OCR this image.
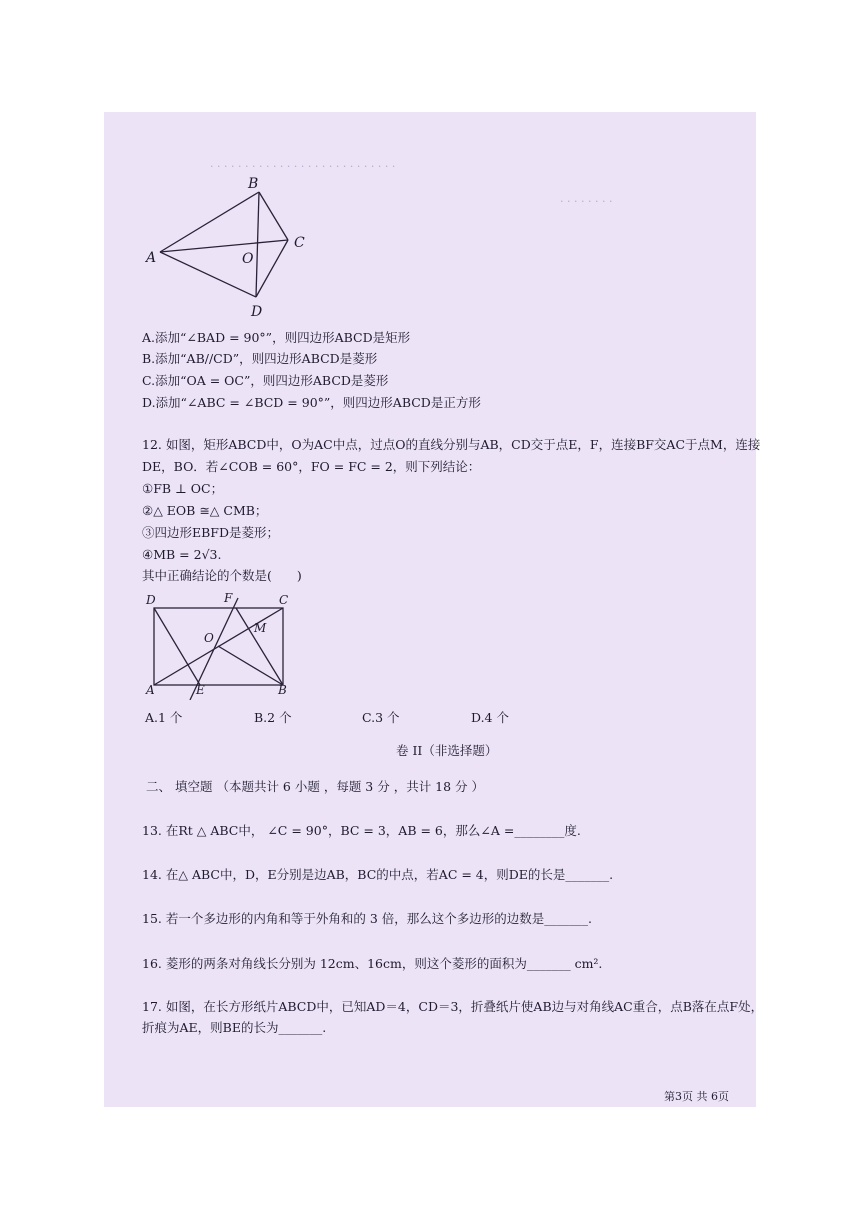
· · · · · · · · · · · · · · · · · · · · · · · · · · ·
· · · · · · · ·
A
B
C
D
O
A.添加“∠BAD = 90°”，则四边形ABCD是矩形
B.添加“AB//CD”，则四边形ABCD是菱形
C.添加“OA = OC”，则四边形ABCD是菱形
D.添加“∠ABC = ∠BCD = 90°”，则四边形ABCD是正方形
12. 如图，矩形ABCD中，O为AC中点，过点O的直线分别与AB，CD交于点E，F，连接BF交AC于点M，连接
DE，BO．若∠COB = 60°，FO = FC = 2，则下列结论：
①FB ⊥ OC；
②△ EOB ≅△ CMB；
③四边形EBFD是菱形；
④MB = 2√3.
其中正确结论的个数是(　　)
D	F	C
M
O
A	E	B
A.1 个	B.2 个	C.3 个	D.4 个
卷 II（非选择题）
二、 填空题 （本题共计 6 小题 ，每题 3 分 ，共计 18 分 ）
13. 在Rt △ ABC中， ∠C = 90°，BC = 3，AB = 6，那么∠A =________度.
14. 在△ ABC中，D，E分别是边AB，BC的中点，若AC = 4，则DE的长是_______.
15. 若一个多边形的内角和等于外角和的 3 倍，那么这个多边形的边数是_______.
16. 菱形的两条对角线长分别为 12cm、16cm，则这个菱形的面积为_______ cm².
17. 如图，在长方形纸片ABCD中，已知AD＝4，CD＝3，折叠纸片使AB边与对角线AC重合，点B落在点F处，
折痕为AE，则BE的长为_______.
第3页 共 6页
